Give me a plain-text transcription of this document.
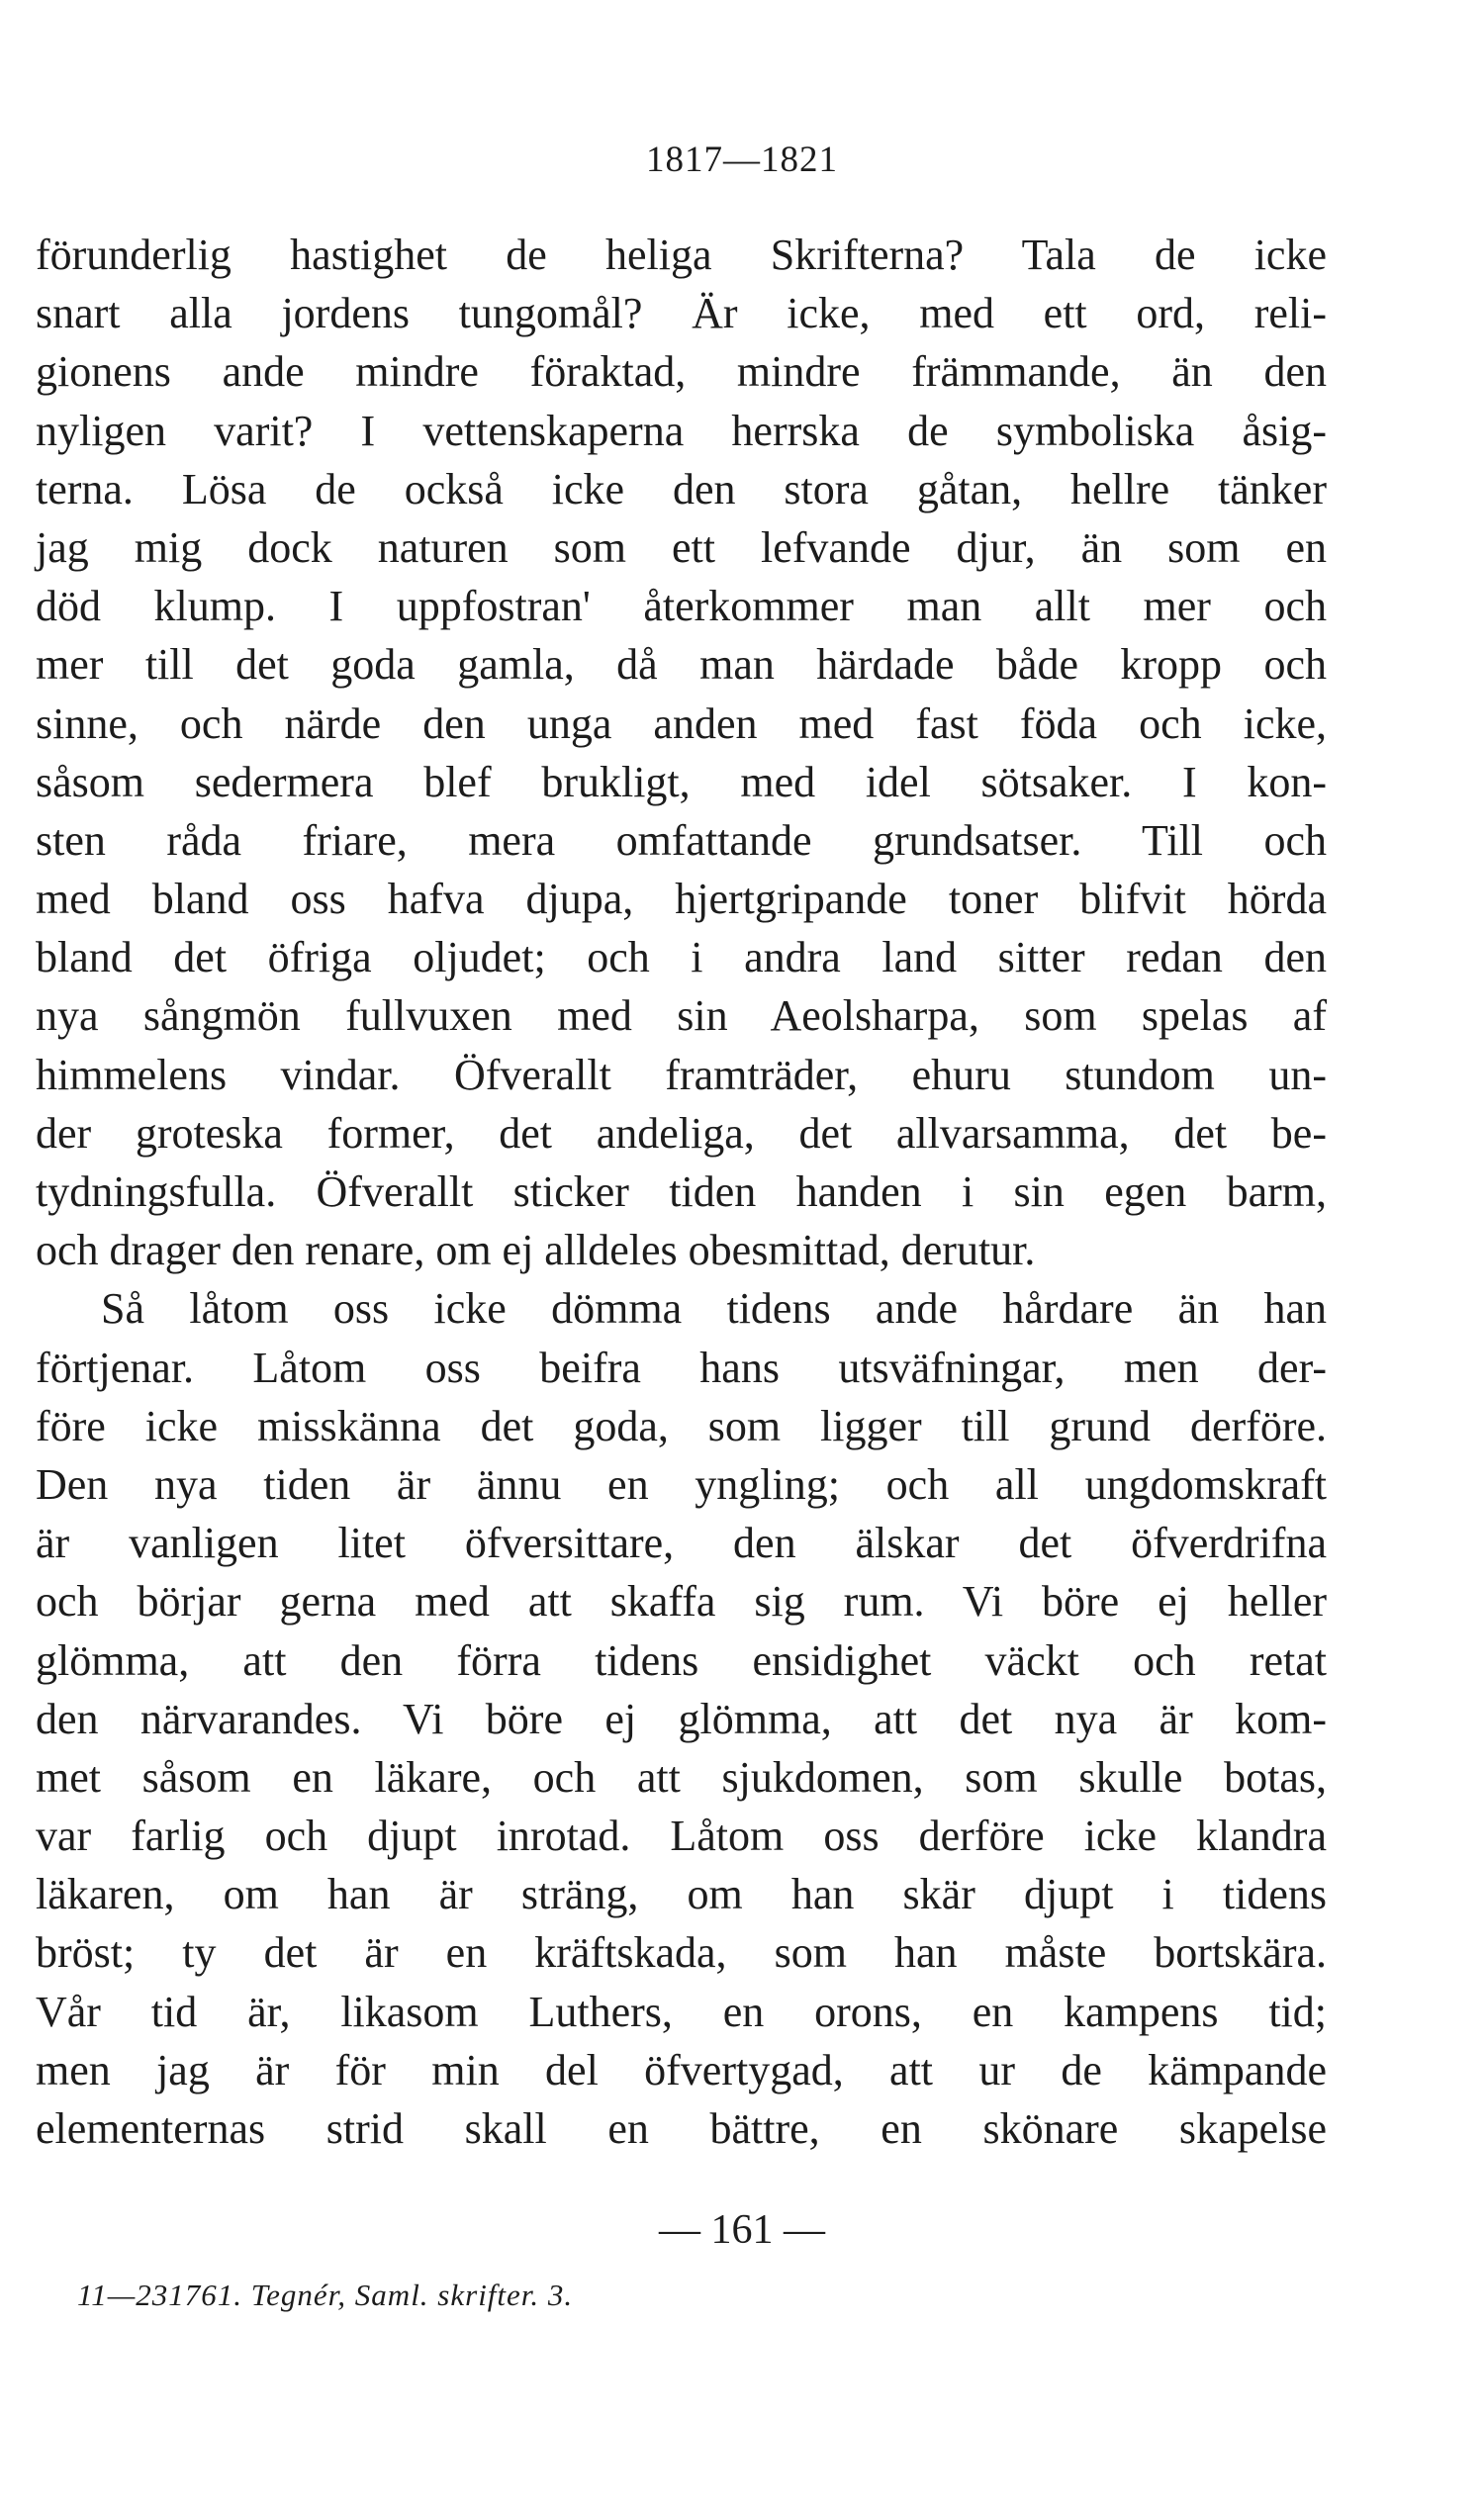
1817—1821
förunderlig hastighet de heliga Skrifterna? Tala de icke
snart alla jordens tungomål? Är icke, med ett ord, reli-
gionens ande mindre föraktad, mindre främmande, än den
nyligen varit? I vettenskaperna herrska de symboliska åsig-
terna. Lösa de också icke den stora gåtan, hellre tänker
jag mig dock naturen som ett lefvande djur, än som en
död klump. I uppfostran' återkommer man allt mer och
mer till det goda gamla, då man härdade både kropp och
sinne, och närde den unga anden med fast föda och icke,
såsom sedermera blef brukligt, med idel sötsaker. I kon-
sten råda friare, mera omfattande grundsatser. Till och
med bland oss hafva djupa, hjertgripande toner blifvit hörda
bland det öfriga oljudet; och i andra land sitter redan den
nya sångmön fullvuxen med sin Aeolsharpa, som spelas af
himmelens vindar. Öfverallt framträder, ehuru stundom un-
der groteska former, det andeliga, det allvarsamma, det be-
tydningsfulla. Öfverallt sticker tiden handen i sin egen barm,
och drager den renare, om ej alldeles obesmittad, derutur.
Så låtom oss icke dömma tidens ande hårdare än han
förtjenar. Låtom oss beifra hans utsväfningar, men der-
före icke misskänna det goda, som ligger till grund derföre.
Den nya tiden är ännu en yngling; och all ungdomskraft
är vanligen litet öfversittare, den älskar det öfverdrifna
och börjar gerna med att skaffa sig rum. Vi böre ej heller
glömma, att den förra tidens ensidighet väckt och retat
den närvarandes. Vi böre ej glömma, att det nya är kom-
met såsom en läkare, och att sjukdomen, som skulle botas,
var farlig och djupt inrotad. Låtom oss derföre icke klandra
läkaren, om han är sträng, om han skär djupt i tidens
bröst; ty det är en kräftskada, som han måste bortskära.
Vår tid är, likasom Luthers, en orons, en kampens tid;
men jag är för min del öfvertygad, att ur de kämpande
elementernas strid skall en bättre, en skönare skapelse
— 161 —
11—231761. Tegnér, Saml. skrifter. 3.
